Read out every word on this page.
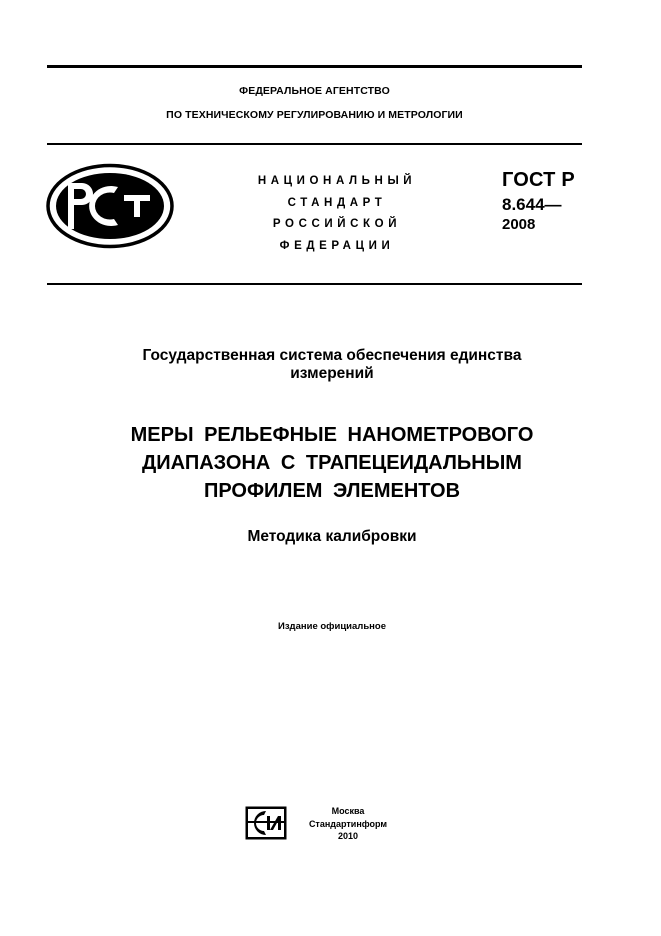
ФЕДЕРАЛЬНОЕ АГЕНТСТВО
ПО ТЕХНИЧЕСКОМУ РЕГУЛИРОВАНИЮ И МЕТРОЛОГИИ
НАЦИОНАЛЬНЫЙ
СТАНДАРТ
РОССИЙСКОЙ
ФЕДЕРАЦИИ
ГОСТ Р
8.644—
2008
Государственная система обеспечения единства
измерений
МЕРЫ РЕЛЬЕФНЫЕ НАНОМЕТРОВОГО
ДИАПАЗОНА С ТРАПЕЦЕИДАЛЬНЫМ
ПРОФИЛЕМ ЭЛЕМЕНТОВ
Методика калибровки
Издание официальное
Москва
Стандартинформ
2010
